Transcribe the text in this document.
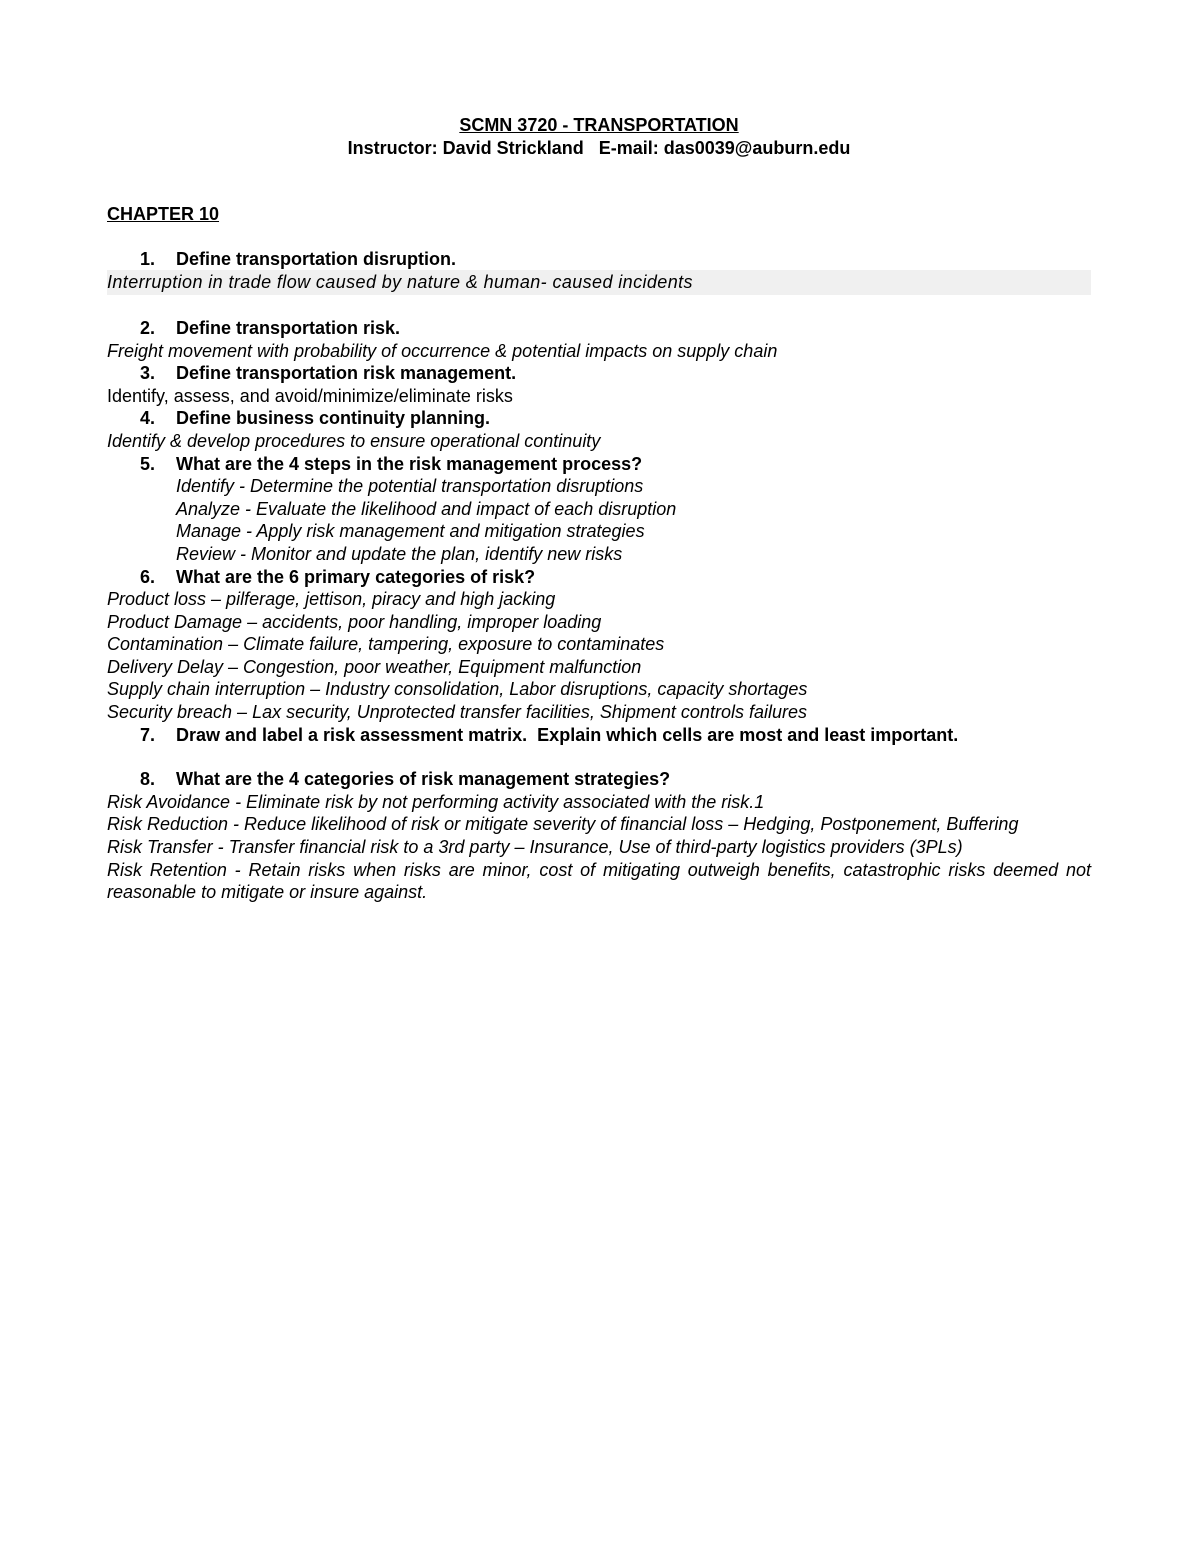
SCMN 3720 - TRANSPORTATION
Instructor: David Strickland   E-mail: das0039@auburn.edu
CHAPTER 10
1.	Define transportation disruption.
Interruption in trade flow caused by nature & human- caused incidents
2.	Define transportation risk.
Freight movement with probability of occurrence & potential impacts on supply chain
3.	Define transportation risk management.
Identify, assess, and avoid/minimize/eliminate risks
4.	Define business continuity planning.
Identify & develop procedures to ensure operational continuity
5.	What are the 4 steps in the risk management process?
Identify - Determine the potential transportation disruptions
Analyze - Evaluate the likelihood and impact of each disruption
Manage - Apply risk management and mitigation strategies
Review - Monitor and update the plan, identify new risks
6.	What are the 6 primary categories of risk?
Product loss – pilferage, jettison, piracy and high jacking
Product Damage – accidents, poor handling, improper loading
Contamination – Climate failure, tampering, exposure to contaminates
Delivery Delay – Congestion, poor weather, Equipment malfunction
Supply chain interruption – Industry consolidation, Labor disruptions, capacity shortages
Security breach – Lax security, Unprotected transfer facilities, Shipment controls failures
7.	Draw and label a risk assessment matrix.  Explain which cells are most and least important.
8.	What are the 4 categories of risk management strategies?
Risk Avoidance - Eliminate risk by not performing activity associated with the risk.1
Risk Reduction - Reduce likelihood of risk or mitigate severity of financial loss – Hedging, Postponement, Buffering
Risk Transfer - Transfer financial risk to a 3rd party – Insurance, Use of third-party logistics providers (3PLs)
Risk Retention - Retain risks when risks are minor, cost of mitigating outweigh benefits, catastrophic risks deemed not reasonable to mitigate or insure against.
